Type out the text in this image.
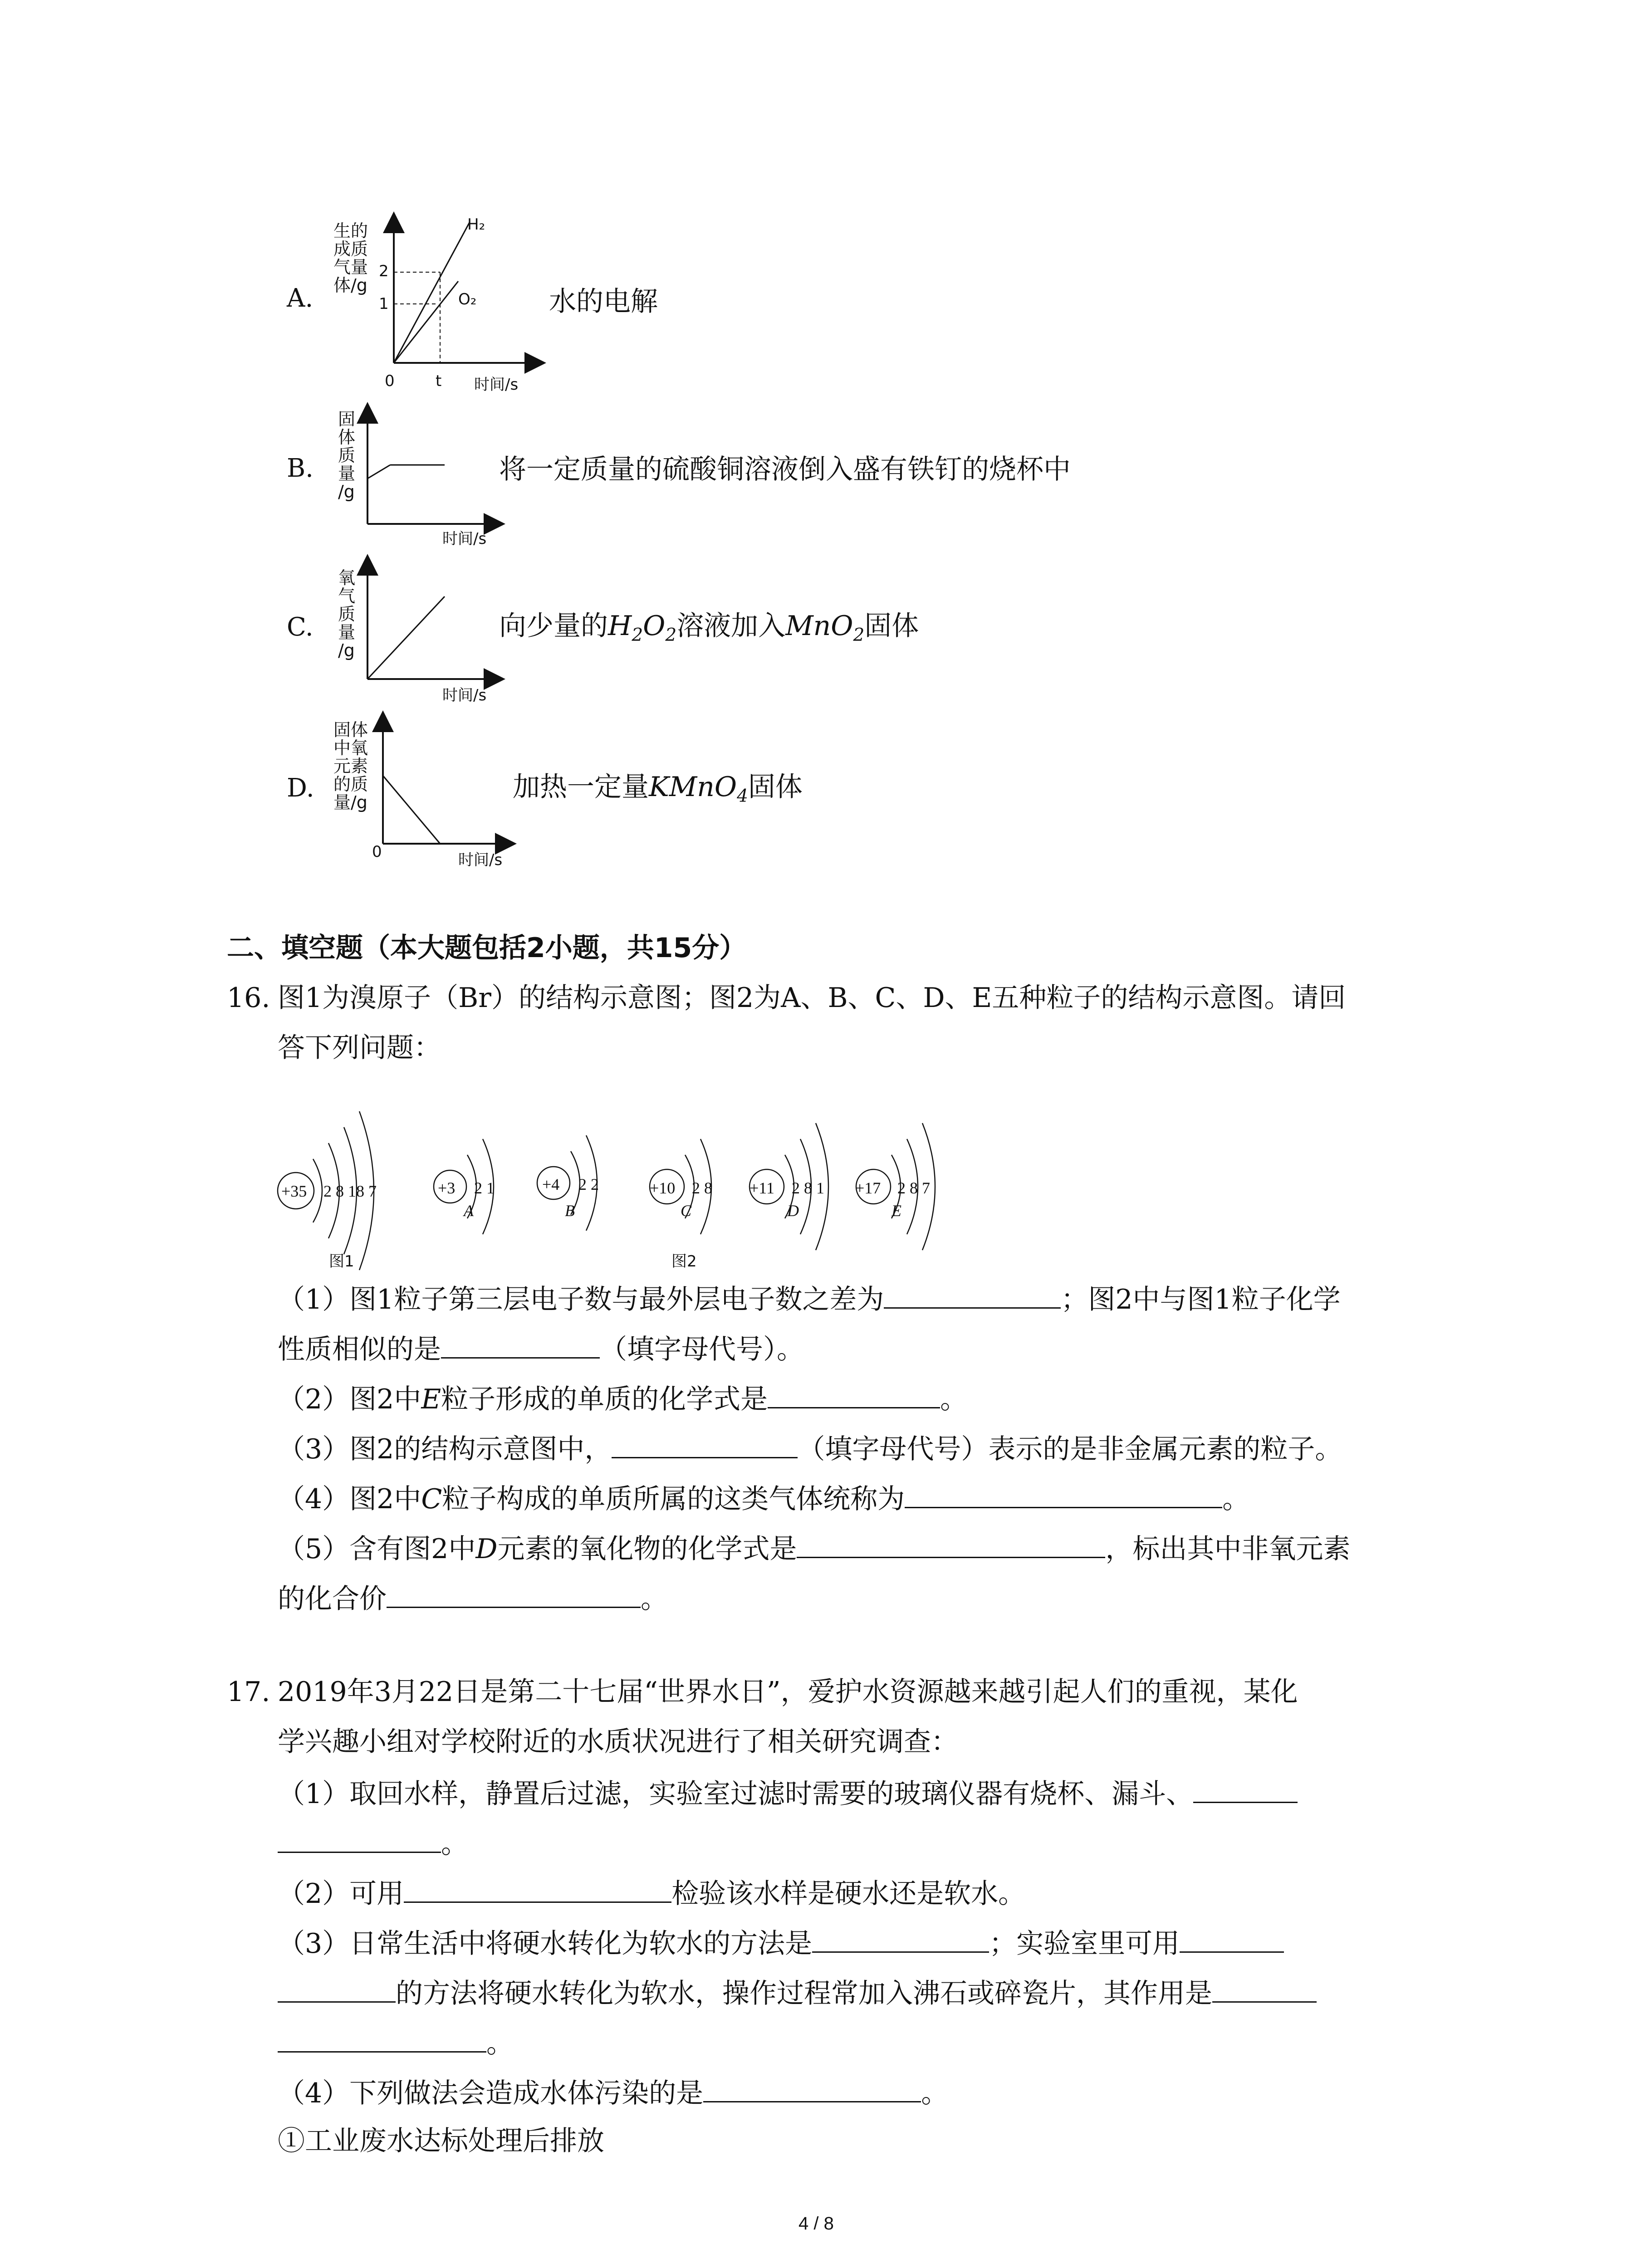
A.
生的
成质
气量
体/g
H₂
O₂
2
1
0	t 时间/s
水的电解
B.
固
体
质
量
/g
时间/s
将一定质量的硫酸铜溶液倒入盛有铁钉的烧杯中
C.
氧
气
质
量
/g
时间/s
向少量的$H_2O_2$溶液加入MnO$_2$固体
D.
固体
中氧
元素
的质
量/g
0	时间/s
加热一定量KMnO$_4$固体
二、填空题（本大题包括2小题，共15分）
16. 图1为溴原子（Br）的结构示意图；图2为A、B、C、D、E五种粒子的结构示意图。请回
答下列问题：
+35 2 8 18 7	+3 2 1	+4 2 2	+10 2 8 +11 2 8 1 +17 2 8 7
A	B	C	D	E
图1	图2
（1）图1粒子第三层电子数与最外层电子数之差为	；图2中与图1粒子化学
性质相似的是	（填字母代号）。
（2）图2中E粒子形成的单质的化学式是	。
（3）图2的结构示意图中，	（填字母代号）表示的是非金属元素的粒子。
（4）图2中C粒子构成的单质所属的这类气体统称为	。
（5）含有图2中D元素的氧化物的化学式是	，标出其中非氧元素
的化合价	。
17. 2019年3月22日是第二十七届“世界水日”，爱护水资源越来越引起人们的重视，某化
学兴趣小组对学校附近的水质状况进行了相关研究调查：
（1）取回水样，静置后过滤，实验室过滤时需要的玻璃仪器有烧杯、漏斗、
。
（2）可用	检验该水样是硬水还是软水。
（3）日常生活中将硬水转化为软水的方法是	；实验室里可用
的方法将硬水转化为软水，操作过程常加入沸石或碎瓷片，其作用是
。
（4）下列做法会造成水体污染的是	。
①工业废水达标处理后排放
4 / 8
